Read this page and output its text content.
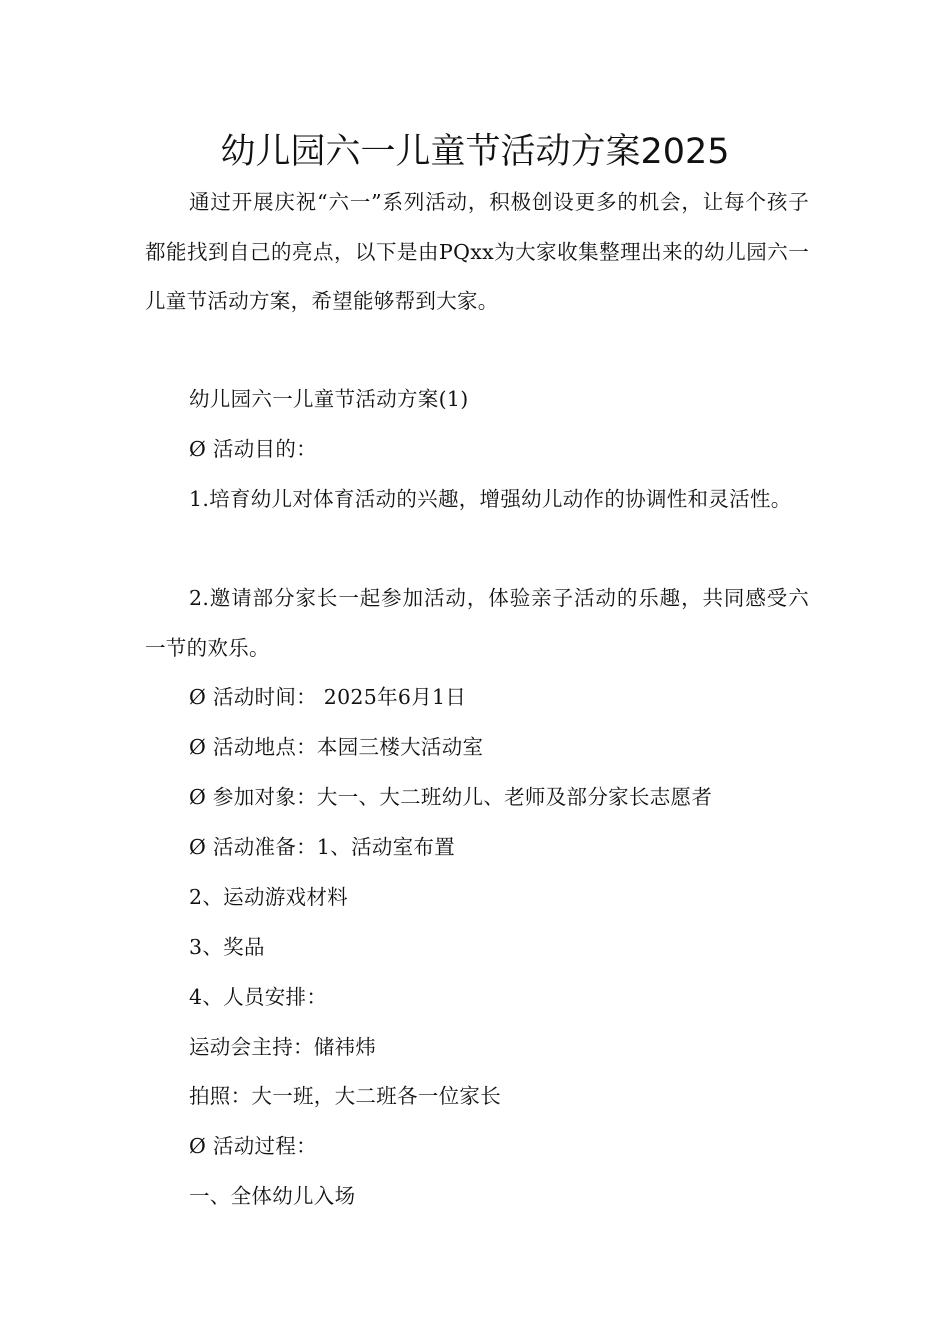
幼儿园六一儿童节活动方案2025

通过开展庆祝“六一”系列活动，积极创设更多的机会，让每个孩子都能找到自己的亮点，以下是由PQxx为大家收集整理出来的幼儿园六一儿童节活动方案，希望能够帮到大家。

幼儿园六一儿童节活动方案(1)

Ø 活动目的：

1.培育幼儿对体育活动的兴趣，增强幼儿动作的协调性和灵活性。

2.邀请部分家长一起参加活动，体验亲子活动的乐趣，共同感受六一节的欢乐。

Ø 活动时间： 2025年6月1日

Ø 活动地点：本园三楼大活动室

Ø 参加对象：大一、大二班幼儿、老师及部分家长志愿者

Ø 活动准备：1、活动室布置

2、运动游戏材料

3、奖品

4、人员安排：

运动会主持：储祎炜

拍照：大一班，大二班各一位家长

Ø 活动过程：

一、全体幼儿入场
